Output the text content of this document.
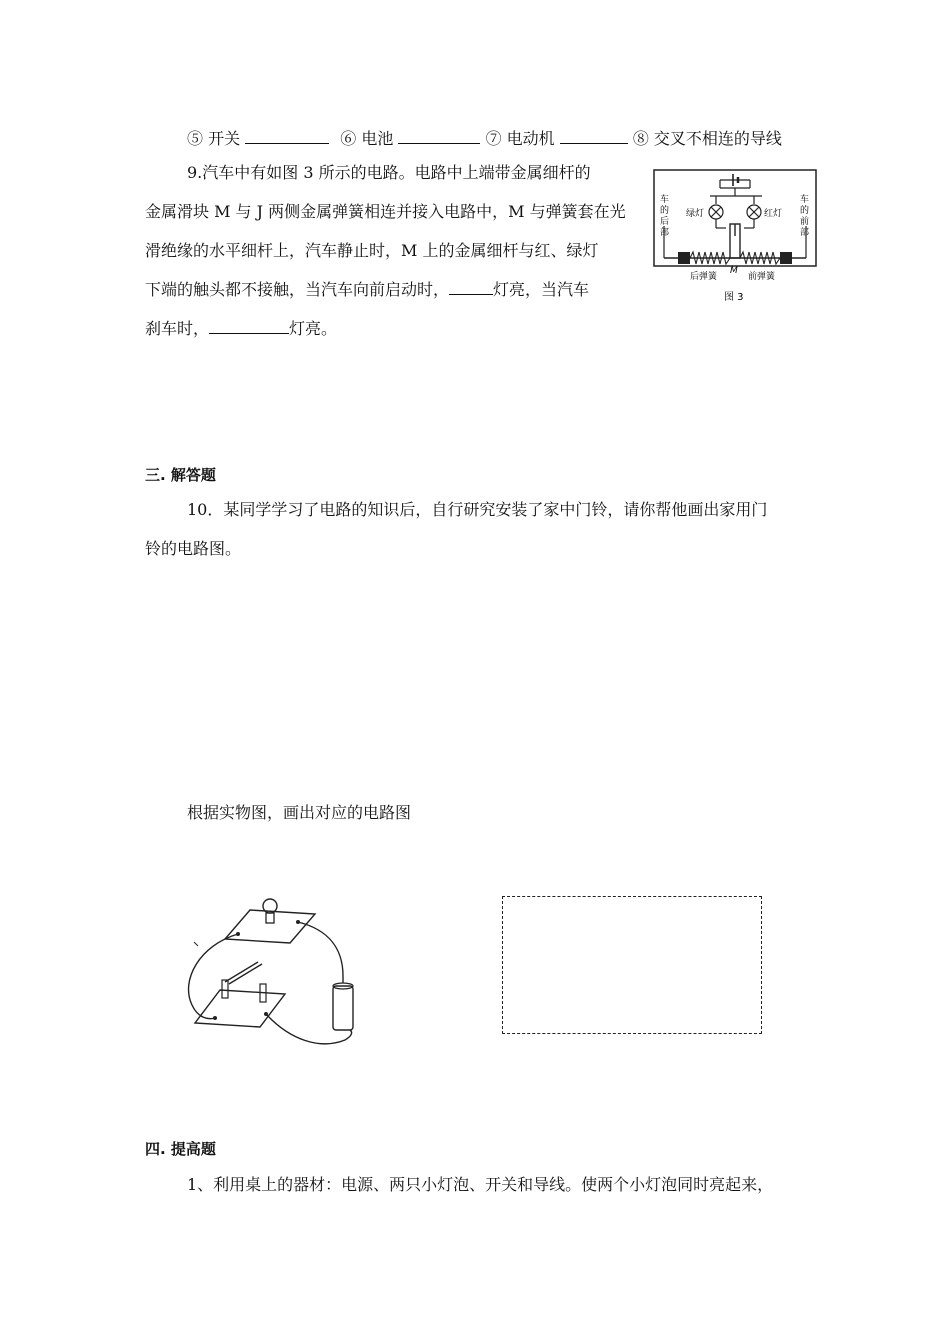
⑤ 开关	⑥ 电池	⑦ 电动机	⑧ 交叉不相连的导线
9.汽车中有如图 3 所示的电路。电路中上端带金属细杆的
金属滑块 M 与 J 两侧金属弹簧相连并接入电路中，M 与弹簧套在光
滑绝缘的水平细杆上，汽车静止时，M 上的金属细杆与红、绿灯
下端的触头都不接触，当汽车向前启动时，	灯亮，当汽车
刹车时，	灯亮。
车
的
后
部
车
的
前
部
绿灯	红灯
后弹簧	前弹簧
M
图 3
三. 解答题
10．某同学学习了电路的知识后，自行研究安装了家中门铃，请你帮他画出家用门
铃的电路图。
根据实物图，画出对应的电路图
四. 提高题
1、利用桌上的器材：电源、两只小灯泡、开关和导线。使两个小灯泡同时亮起来，
